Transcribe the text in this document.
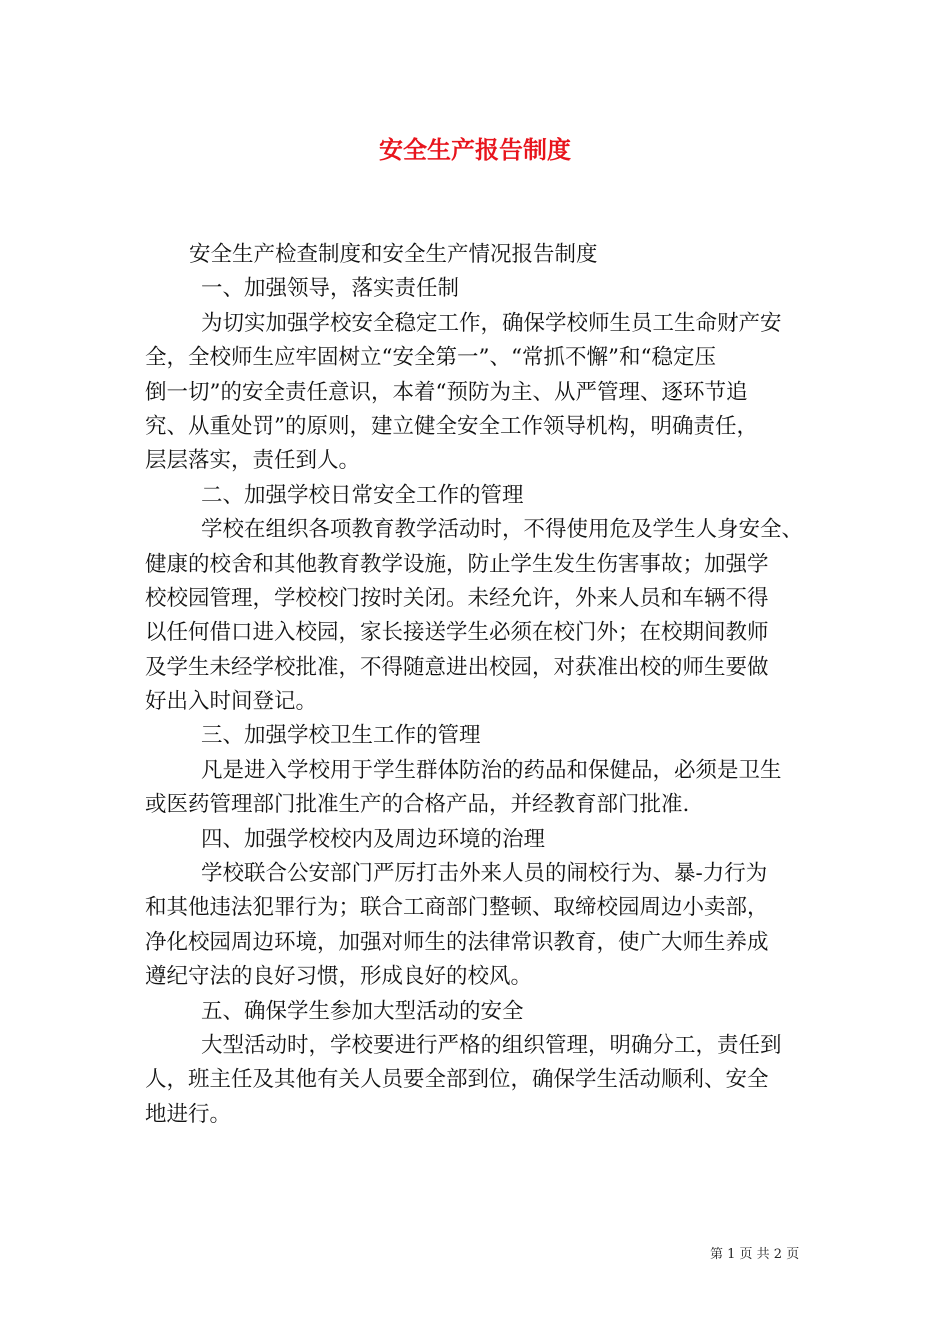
安全生产报告制度

安全生产检查制度和安全生产情况报告制度

一、加强领导，落实责任制

为切实加强学校安全稳定工作，确保学校师生员工生命财产安

全，全校师生应牢固树立“安全第一”、“常抓不懈”和“稳定压

倒一切”的安全责任意识，本着“预防为主、从严管理、逐环节追

究、从重处罚”的原则，建立健全安全工作领导机构，明确责任，

层层落实，责任到人。

二、加强学校日常安全工作的管理

学校在组织各项教育教学活动时，不得使用危及学生人身安全、

健康的校舍和其他教育教学设施，防止学生发生伤害事故；加强学

校校园管理，学校校门按时关闭。未经允许，外来人员和车辆不得

以任何借口进入校园，家长接送学生必须在校门外；在校期间教师

及学生未经学校批准，不得随意进出校园，对获准出校的师生要做

好出入时间登记。

三、加强学校卫生工作的管理

凡是进入学校用于学生群体防治的药品和保健品，必须是卫生

或医药管理部门批准生产的合格产品，并经教育部门批准.

四、加强学校校内及周边环境的治理

学校联合公安部门严厉打击外来人员的闹校行为、暴-力行为

和其他违法犯罪行为；联合工商部门整顿、取缔校园周边小卖部，

净化校园周边环境，加强对师生的法律常识教育，使广大师生养成

遵纪守法的良好习惯，形成良好的校风。

五、确保学生参加大型活动的安全

大型活动时，学校要进行严格的组织管理，明确分工，责任到

人，班主任及其他有关人员要全部到位，确保学生活动顺利、安全

地进行。

第 1 页 共 2 页
